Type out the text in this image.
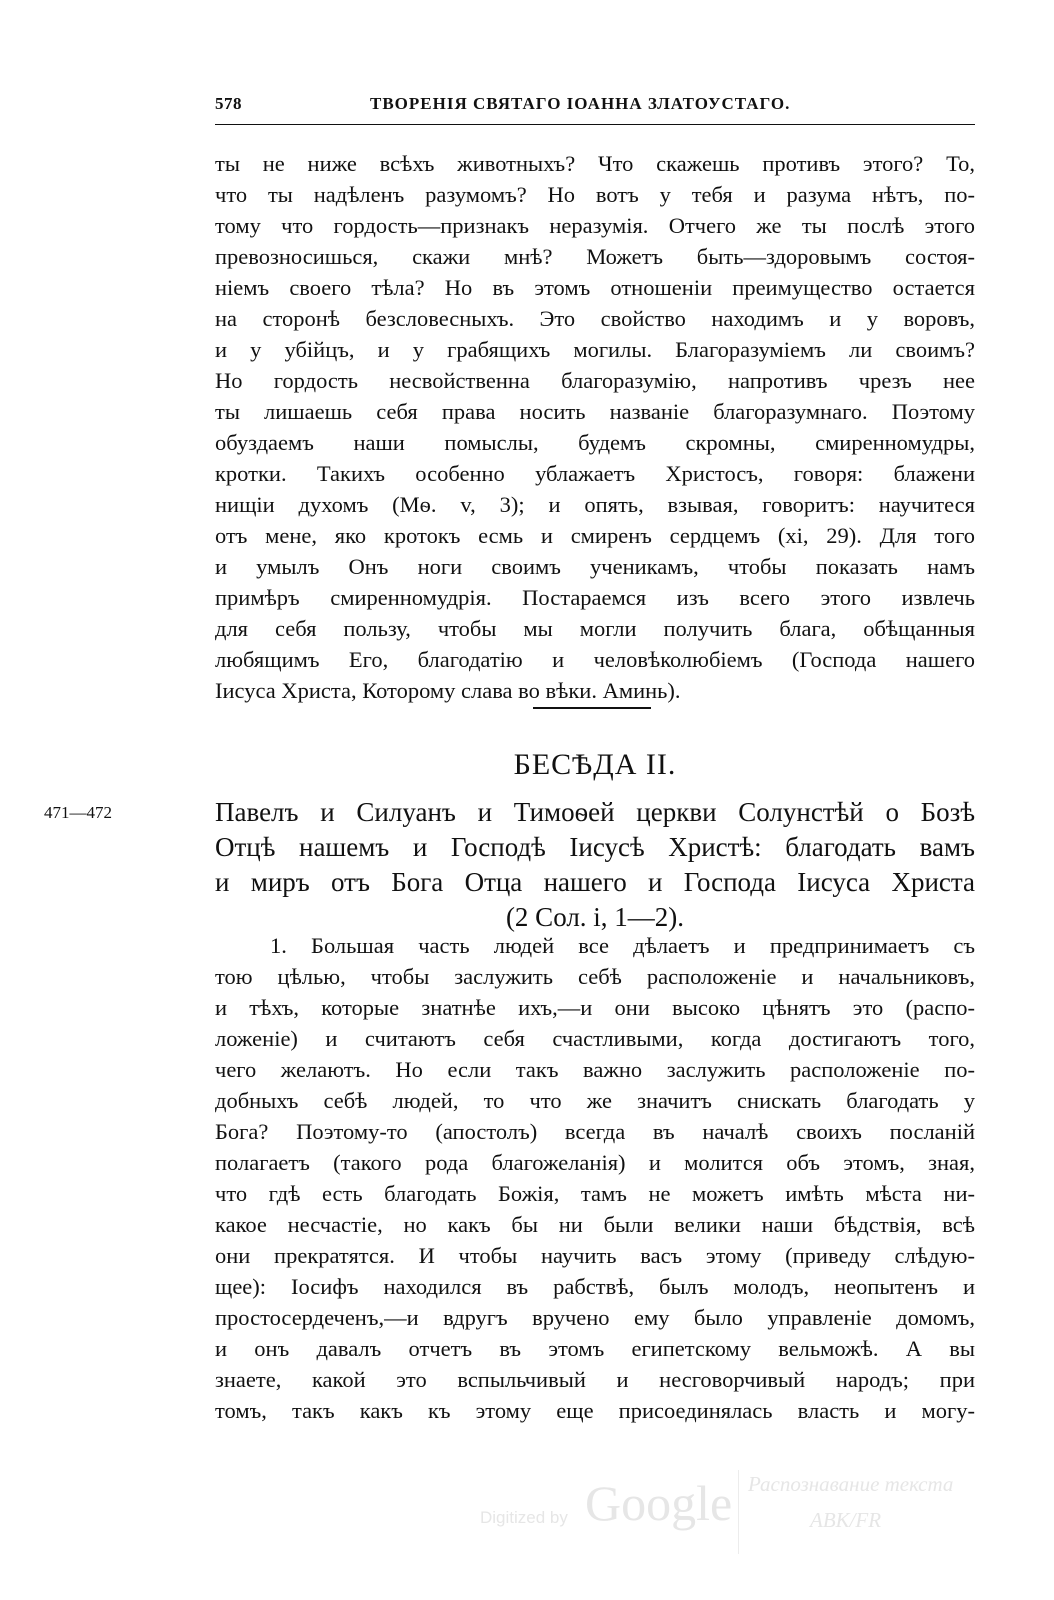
578	ТВОРЕНІЯ СВЯТАГО ІОАННА ЗЛАТОУСТАГО.
ты не ниже всѣхъ животныхъ? Что скажешь противъ этого? То,
что ты надѣленъ разумомъ? Но вотъ у тебя и разума нѣтъ, по-
тому что гордость—признакъ неразумія. Отчего же ты послѣ этого
превозносишься, скажи мнѣ? Можетъ быть—здоровымъ состоя-
ніемъ своего тѣла? Но въ этомъ отношеніи преимущество остается
на сторонѣ безсловесныхъ. Это свойство находимъ и у воровъ,
и у убійцъ, и у грабящихъ могилы. Благоразуміемъ ли своимъ?
Но гордость несвойственна благоразумію, напротивъ чрезъ нее
ты лишаешь себя права носить названіе благоразумнаго. Поэтому
обуздаемъ наши помыслы, будемъ скромны, смиренномудры,
кротки. Такихъ особенно ублажаетъ Христосъ, говоря: блажени
нищіи духомъ (Мѳ. v, 3); и опять, взывая, говоритъ: научитеся
отъ мене, яко кротокъ есмь и смиренъ сердцемъ (xi, 29). Для того
и умылъ Онъ ноги своимъ ученикамъ, чтобы показать намъ
примѣръ смиренномудрія. Постараемся изъ всего этого извлечь
для себя пользу, чтобы мы могли получить блага, обѣщанныя
любящимъ Его, благодатію и человѣколюбіемъ (Господа нашего
Іисуса Христа, Которому слава во вѣки. Аминь).
БЕСѢДА II.
471—472	Павелъ и Силуанъ и Тимоѳей церкви Солунстѣй о Бозѣ
Отцѣ нашемъ и Господѣ Іисусѣ Христѣ: благодать вамъ
и миръ отъ Бога Отца нашего и Господа Іисуса Христа
(2 Сол. i, 1—2).
1. Большая часть людей все дѣлаетъ и предпринимаетъ съ
тою цѣлью, чтобы заслужить себѣ расположеніе и начальниковъ,
и тѣхъ, которые знатнѣе ихъ,—и они высоко цѣнятъ это (распо-
ложеніе) и считаютъ себя счастливыми, когда достигаютъ того,
чего желаютъ. Но если такъ важно заслужить расположеніе по-
добныхъ себѣ людей, то что же значитъ снискать благодать у
Бога? Поэтому-то (апостолъ) всегда въ началѣ своихъ посланій
полагаетъ (такого рода благожеланія) и молится объ этомъ, зная,
что гдѣ есть благодать Божія, тамъ не можетъ имѣть мѣста ни-
какое несчастіе, но какъ бы ни были велики наши бѣдствія, всѣ
они прекратятся. И чтобы научить васъ этому (приведу слѣдую-
щее): Іосифъ находился въ рабствѣ, былъ молодъ, неопытенъ и
простосердеченъ,—и вдругъ вручено ему было управленіе домомъ,
и онъ давалъ отчетъ въ этомъ египетскому вельможѣ. А вы
знаете, какой это вспыльчивый и несговорчивый народъ; при
томъ, такъ какъ къ этому еще присоединялась власть и могу-
Digitized by Google Распознавание текста
АВК/FR
